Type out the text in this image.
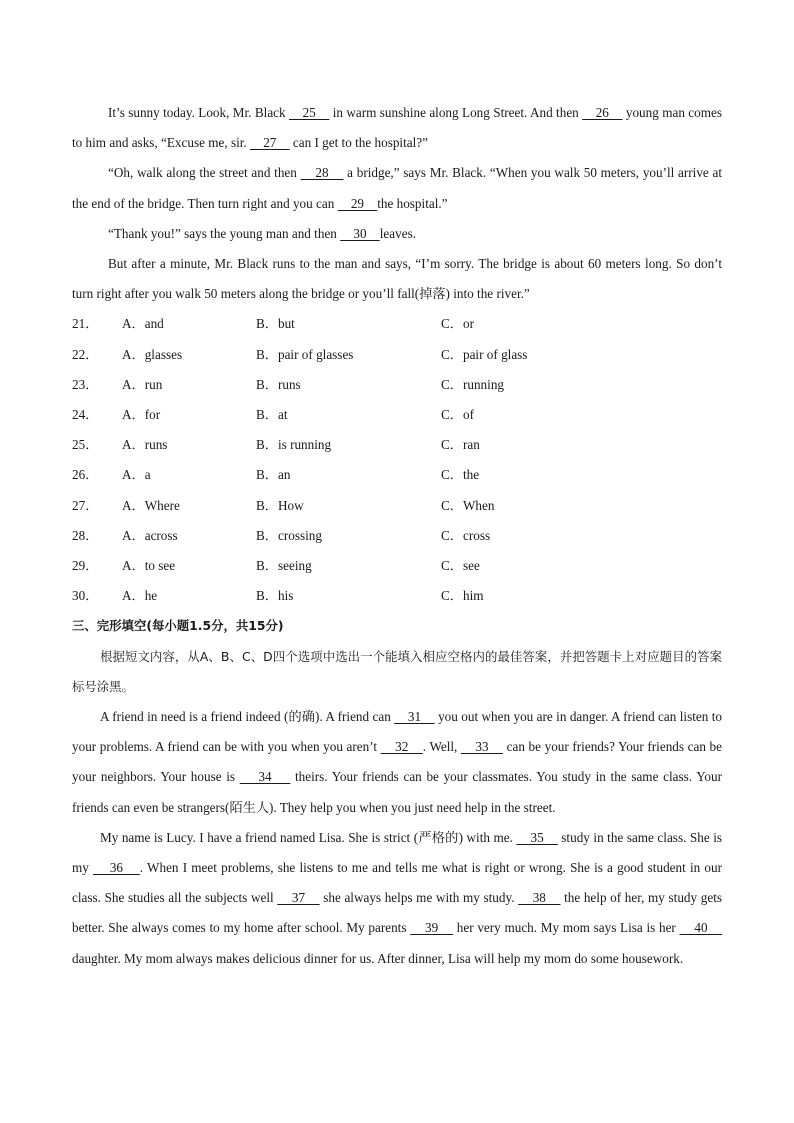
It’s sunny today. Look, Mr. Black     25     in warm sunshine along Long Street. And then     26     young man comes to him and asks, “Excuse me, sir.     27     can I get to the hospital?”

“Oh, walk along the street and then     28     a bridge,” says Mr. Black. “When you walk 50 meters, you’ll arrive at the end of the bridge. Then turn right and you can     29    the hospital.”

“Thank you!” says the young man and then     30    leaves.

But after a minute, Mr. Black runs to the man and says, “I’m sorry. The bridge is about 60 meters long. So don’t turn right after you walk 50 meters along the bridge or you’ll fall(掉落) into the river.”

21． A．and	B．but	C．or
22． A．glasses	B．pair of glasses	C．pair of glass
23． A．run	B．runs	C．running
24． A．for	B．at	C．of
25． A．runs	B．is running	C．ran
26． A．a	B．an	C．the
27． A．Where	B．How	C．When
28． A．across	B．crossing	C．cross
29． A．to see	B．seeing	C．see
30． A．he	B．his	C．him

三、完形填空(每小题1.5分，共15分)

根据短文内容，从A、B、C、D四个选项中选出一个能填入相应空格内的最佳答案，并把答题卡上对应题目的答案标号涂黑。

A friend in need is a friend indeed (的确). A friend can     31     you out when you are in danger. A friend can listen to your problems. A friend can be with you when you aren’t     32    . Well,     33     can be your friends? Your friends can be your neighbors. Your house is     34     theirs. Your friends can be your classmates. You study in the same class. Your friends can even be strangers(陌生人). They help you when you just need help in the street.

My name is Lucy. I have a friend named Lisa. She is strict (严格的) with me.     35     study in the same class. She is my     36    . When I meet problems, she listens to me and tells me what is right or wrong. She is a good student in our class. She studies all the subjects well     37     she always helps me with my study.     38     the help of her, my study gets better. She always comes to my home after school. My parents     39     her very much. My mom says Lisa is her     40     daughter. My mom always makes delicious dinner for us. After dinner, Lisa will help my mom do some housework.
